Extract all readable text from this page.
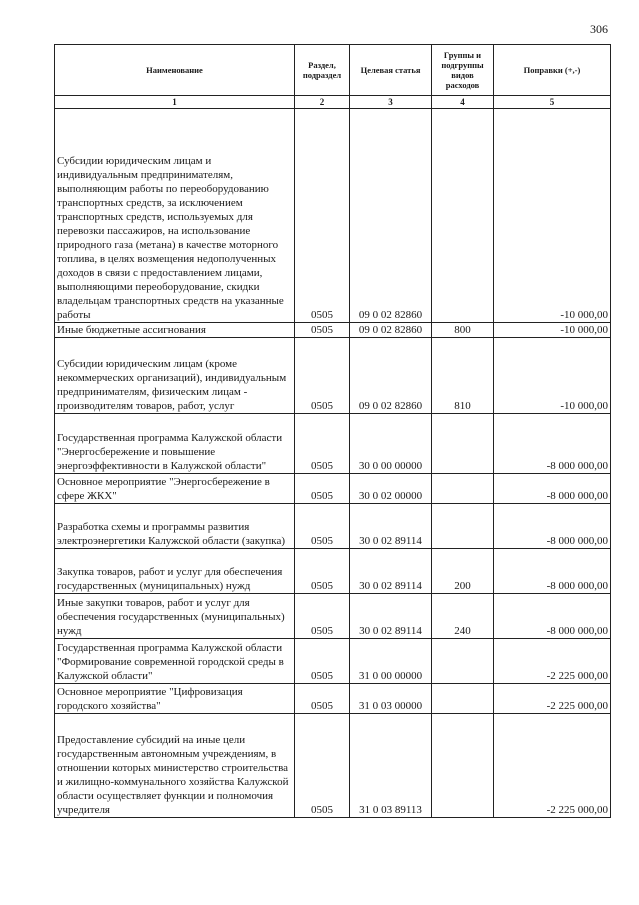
306
Наименование	Раздел, подраздел	Целевая статья	Группы и подгруппы видов расходов	Поправки (+,-)
1	2	3	4	5
Субсидии юридическим лицам и индивидуальным предпринимателям, выполняющим работы по переоборудованию транспортных средств, за исключением транспортных средств, используемых для перевозки пассажиров, на использование природного газа (метана) в качестве моторного топлива, в целях возмещения недополученных доходов в связи с предоставлением лицами, выполняющими переоборудование, скидки владельцам транспортных средств на указанные работы	0505	09 0 02 82860		-10 000,00
Иные бюджетные ассигнования	0505	09 0 02 82860	800	-10 000,00
Субсидии юридическим лицам (кроме некоммерческих организаций), индивидуальным предпринимателям, физическим лицам - производителям товаров, работ, услуг	0505	09 0 02 82860	810	-10 000,00
Государственная программа Калужской области "Энергосбережение и повышение энергоэффективности в Калужской области"	0505	30 0 00 00000		-8 000 000,00
Основное мероприятие "Энергосбережение в сфере ЖКХ"	0505	30 0 02 00000		-8 000 000,00
Разработка схемы и программы развития электроэнергетики Калужской области (закупка)	0505	30 0 02 89114		-8 000 000,00
Закупка товаров, работ и услуг для обеспечения государственных (муниципальных) нужд	0505	30 0 02 89114	200	-8 000 000,00
Иные закупки товаров, работ и услуг для обеспечения государственных (муниципальных) нужд	0505	30 0 02 89114	240	-8 000 000,00
Государственная программа Калужской области "Формирование современной городской среды в Калужской области"	0505	31 0 00 00000		-2 225 000,00
Основное мероприятие "Цифровизация городского хозяйства"	0505	31 0 03 00000		-2 225 000,00
Предоставление субсидий на иные цели государственным автономным учреждениям, в отношении которых министерство строительства и жилищно-коммунального хозяйства Калужской области осуществляет функции и полномочия учредителя	0505	31 0 03 89113		-2 225 000,00
